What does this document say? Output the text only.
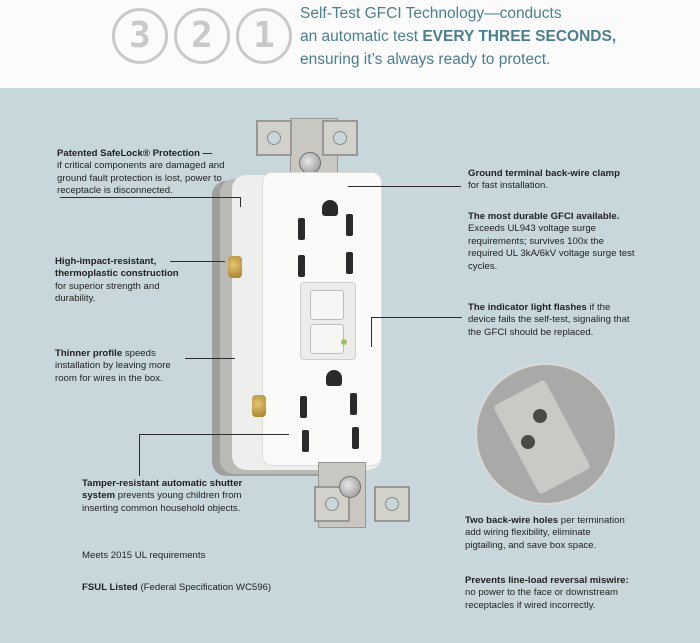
3	2	1
Self-Test GFCI Technology—conducts
an automatic test EVERY THREE SECONDS,
ensuring it’s always ready to protect.
Patented SafeLock® Protection —
if critical components are damaged and ground fault protection is lost, power to receptacle is disconnected.
High-impact-resistant, thermoplastic construction
for superior strength and durability.
Thinner profile speeds installation by leaving more room for wires in the box.
Tamper-resistant automatic shutter system prevents young children from inserting common household objects.
Meets 2015 UL requirements
FSUL Listed (Federal Specification WC596)
Ground terminal back-wire clamp for fast installation.
The most durable GFCI available.
Exceeds UL943 voltage surge requirements; survives 100x the required UL 3kA/6kV voltage surge test cycles.
The indicator light flashes if the device fails the self-test, signaling that the GFCI should be replaced.
Two back-wire holes per termination add wiring flexibility, eliminate pigtailing, and save box space.
Prevents line-load reversal miswire: no power to the face or downstream receptacles if wired incorrectly.
